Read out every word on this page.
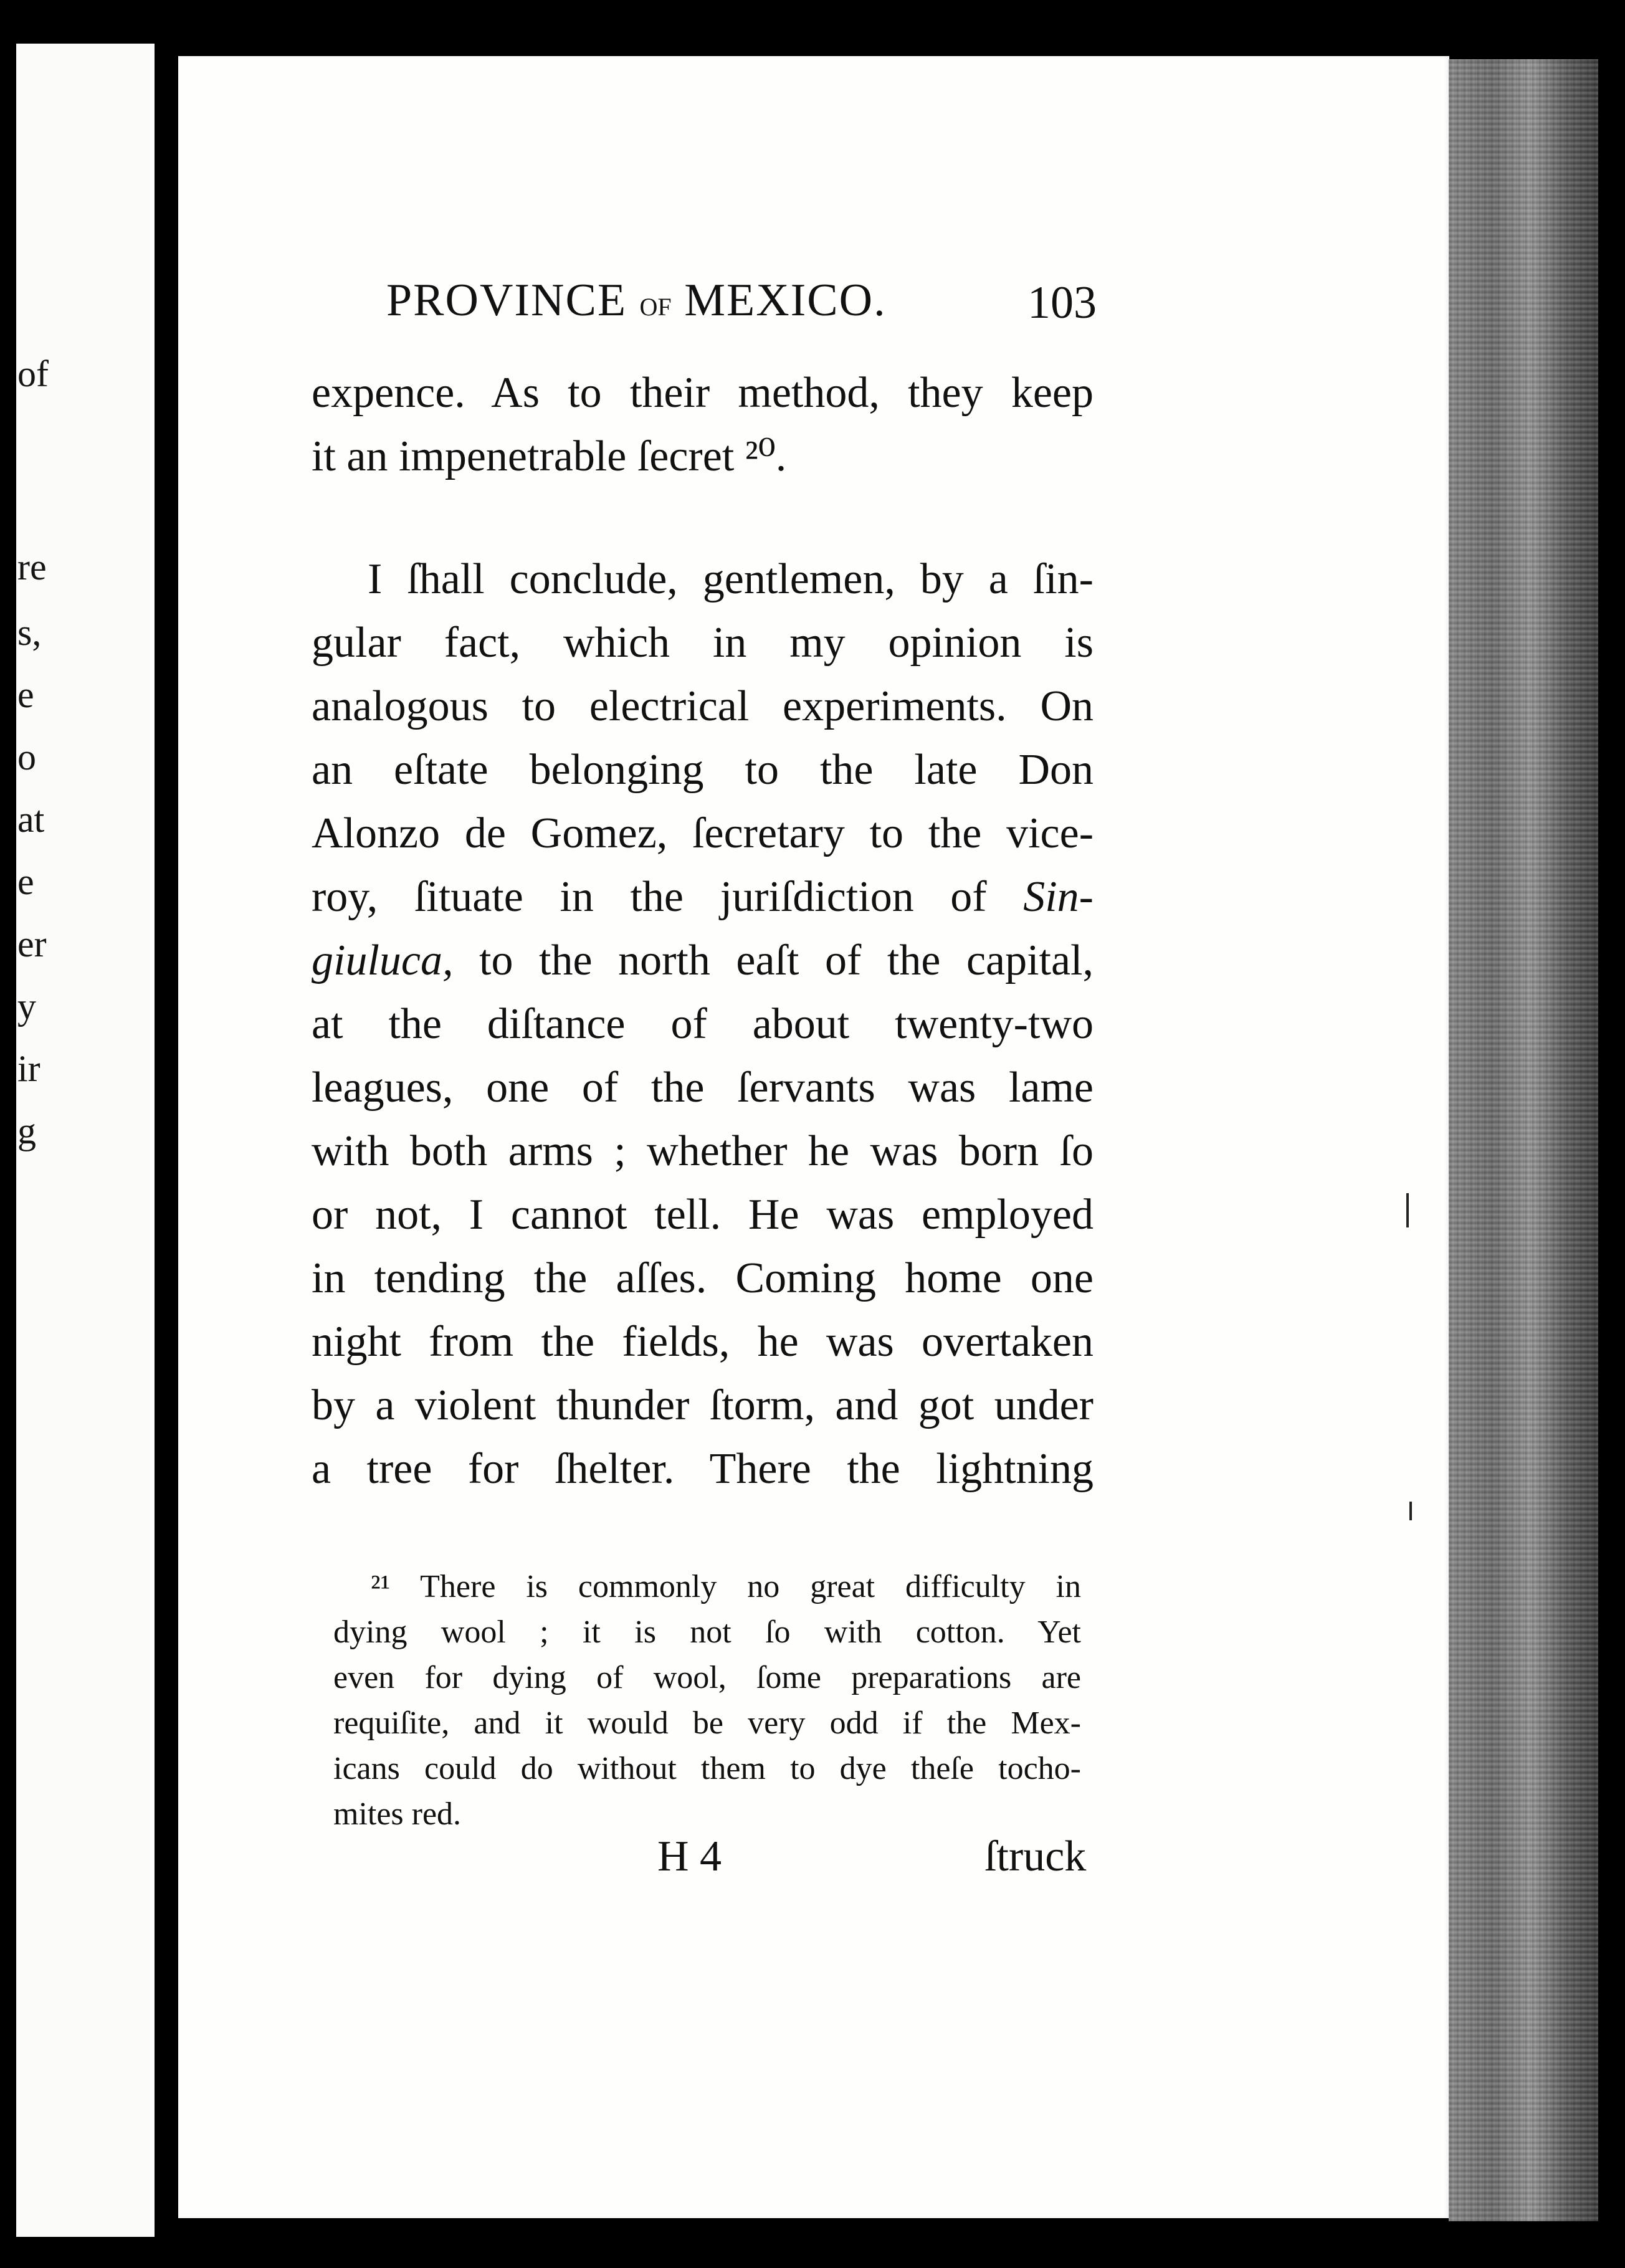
of
re
s,
e
o
at
e
er
y
ir
g
PROVINCE OF MEXICO.	103
expence. As to their method, they keep
it an impenetrable ſecret ²⁰.
I ſhall conclude, gentlemen, by a ſin-
gular fact, which in my opinion is
analogous to electrical experiments. On
an eſtate belonging to the late Don
Alonzo de Gomez, ſecretary to the vice-
roy, ſituate in the juriſdiction of Sin-
giuluca, to the north eaſt of the capital,
at the diſtance of about twenty-two
leagues, one of the ſervants was lame
with both arms ; whether he was born ſo
or not, I cannot tell. He was employed
in tending the aſſes. Coming home one
night from the fields, he was overtaken
by a violent thunder ſtorm, and got under
a tree for ſhelter. There the lightning
²¹ There is commonly no great difficulty in
dying wool ; it is not ſo with cotton. Yet
even for dying of wool, ſome preparations are
requiſite, and it would be very odd if the Mex-
icans could do without them to dye theſe tocho-
mites red.
H 4	ſtruck
